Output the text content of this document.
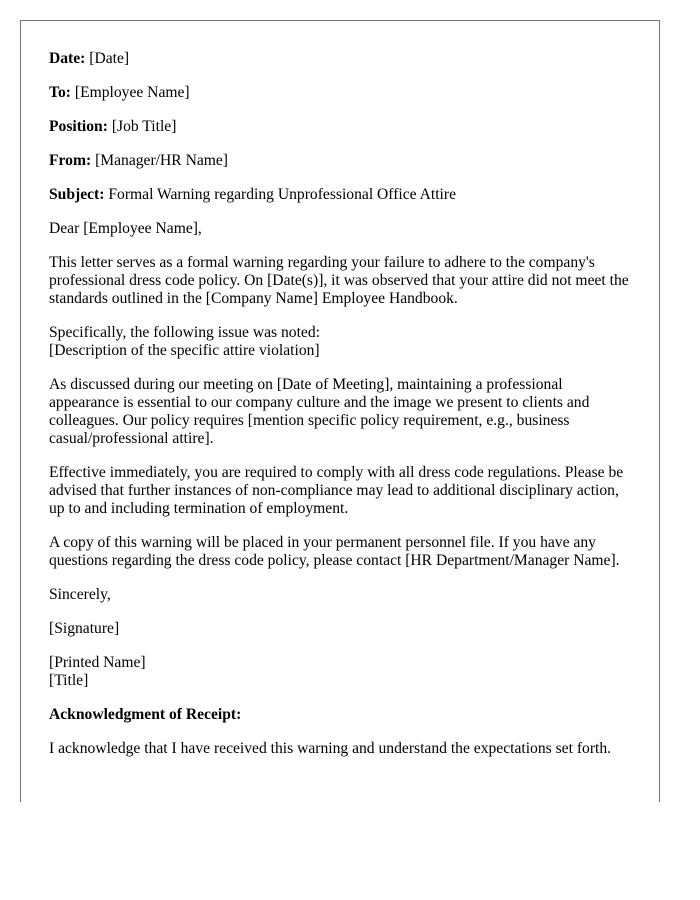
Date: [Date]

To: [Employee Name]

Position: [Job Title]

From: [Manager/HR Name]

Subject: Formal Warning regarding Unprofessional Office Attire

Dear [Employee Name],

This letter serves as a formal warning regarding your failure to adhere to the company's professional dress code policy. On [Date(s)], it was observed that your attire did not meet the standards outlined in the [Company Name] Employee Handbook.

Specifically, the following issue was noted:
[Description of the specific attire violation]

As discussed during our meeting on [Date of Meeting], maintaining a professional appearance is essential to our company culture and the image we present to clients and colleagues. Our policy requires [mention specific policy requirement, e.g., business casual/professional attire].

Effective immediately, you are required to comply with all dress code regulations. Please be advised that further instances of non-compliance may lead to additional disciplinary action, up to and including termination of employment.

A copy of this warning will be placed in your permanent personnel file. If you have any questions regarding the dress code policy, please contact [HR Department/Manager Name].

Sincerely,

[Signature]

[Printed Name]
[Title]

Acknowledgment of Receipt:

I acknowledge that I have received this warning and understand the expectations set forth.
